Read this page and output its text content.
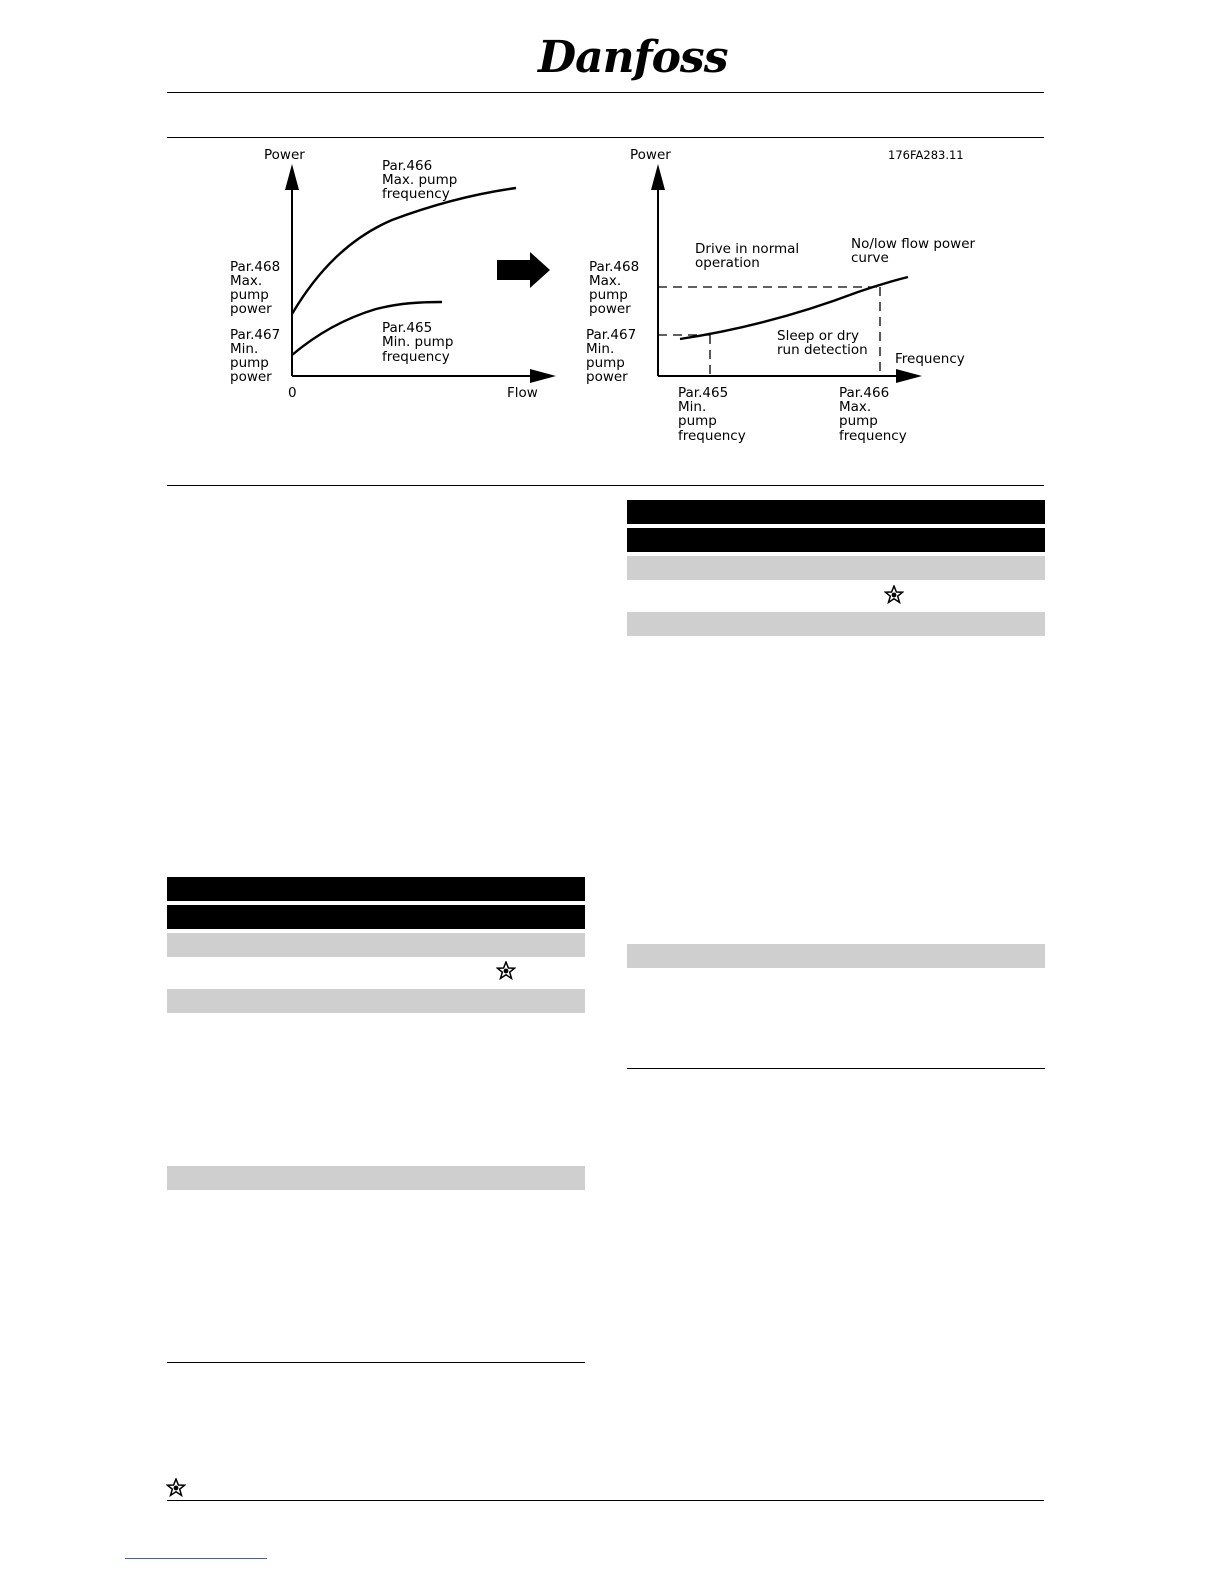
Danfoss
Power
Flow
0
Par.466
Max. pump
frequency
Par.465
Min. pump
frequency
Par.468
Max.
pump
power
Par.467
Min.
pump
power
Power	176FA283.11
Frequency
Drive in normal
operation
No/low flow power
curve
Sleep or dry
run detection
Par.468
Max.
pump
power
Par.467
Min.
pump
power
Par.465
Min.
pump
frequency
Par.466
Max.
pump
frequency
